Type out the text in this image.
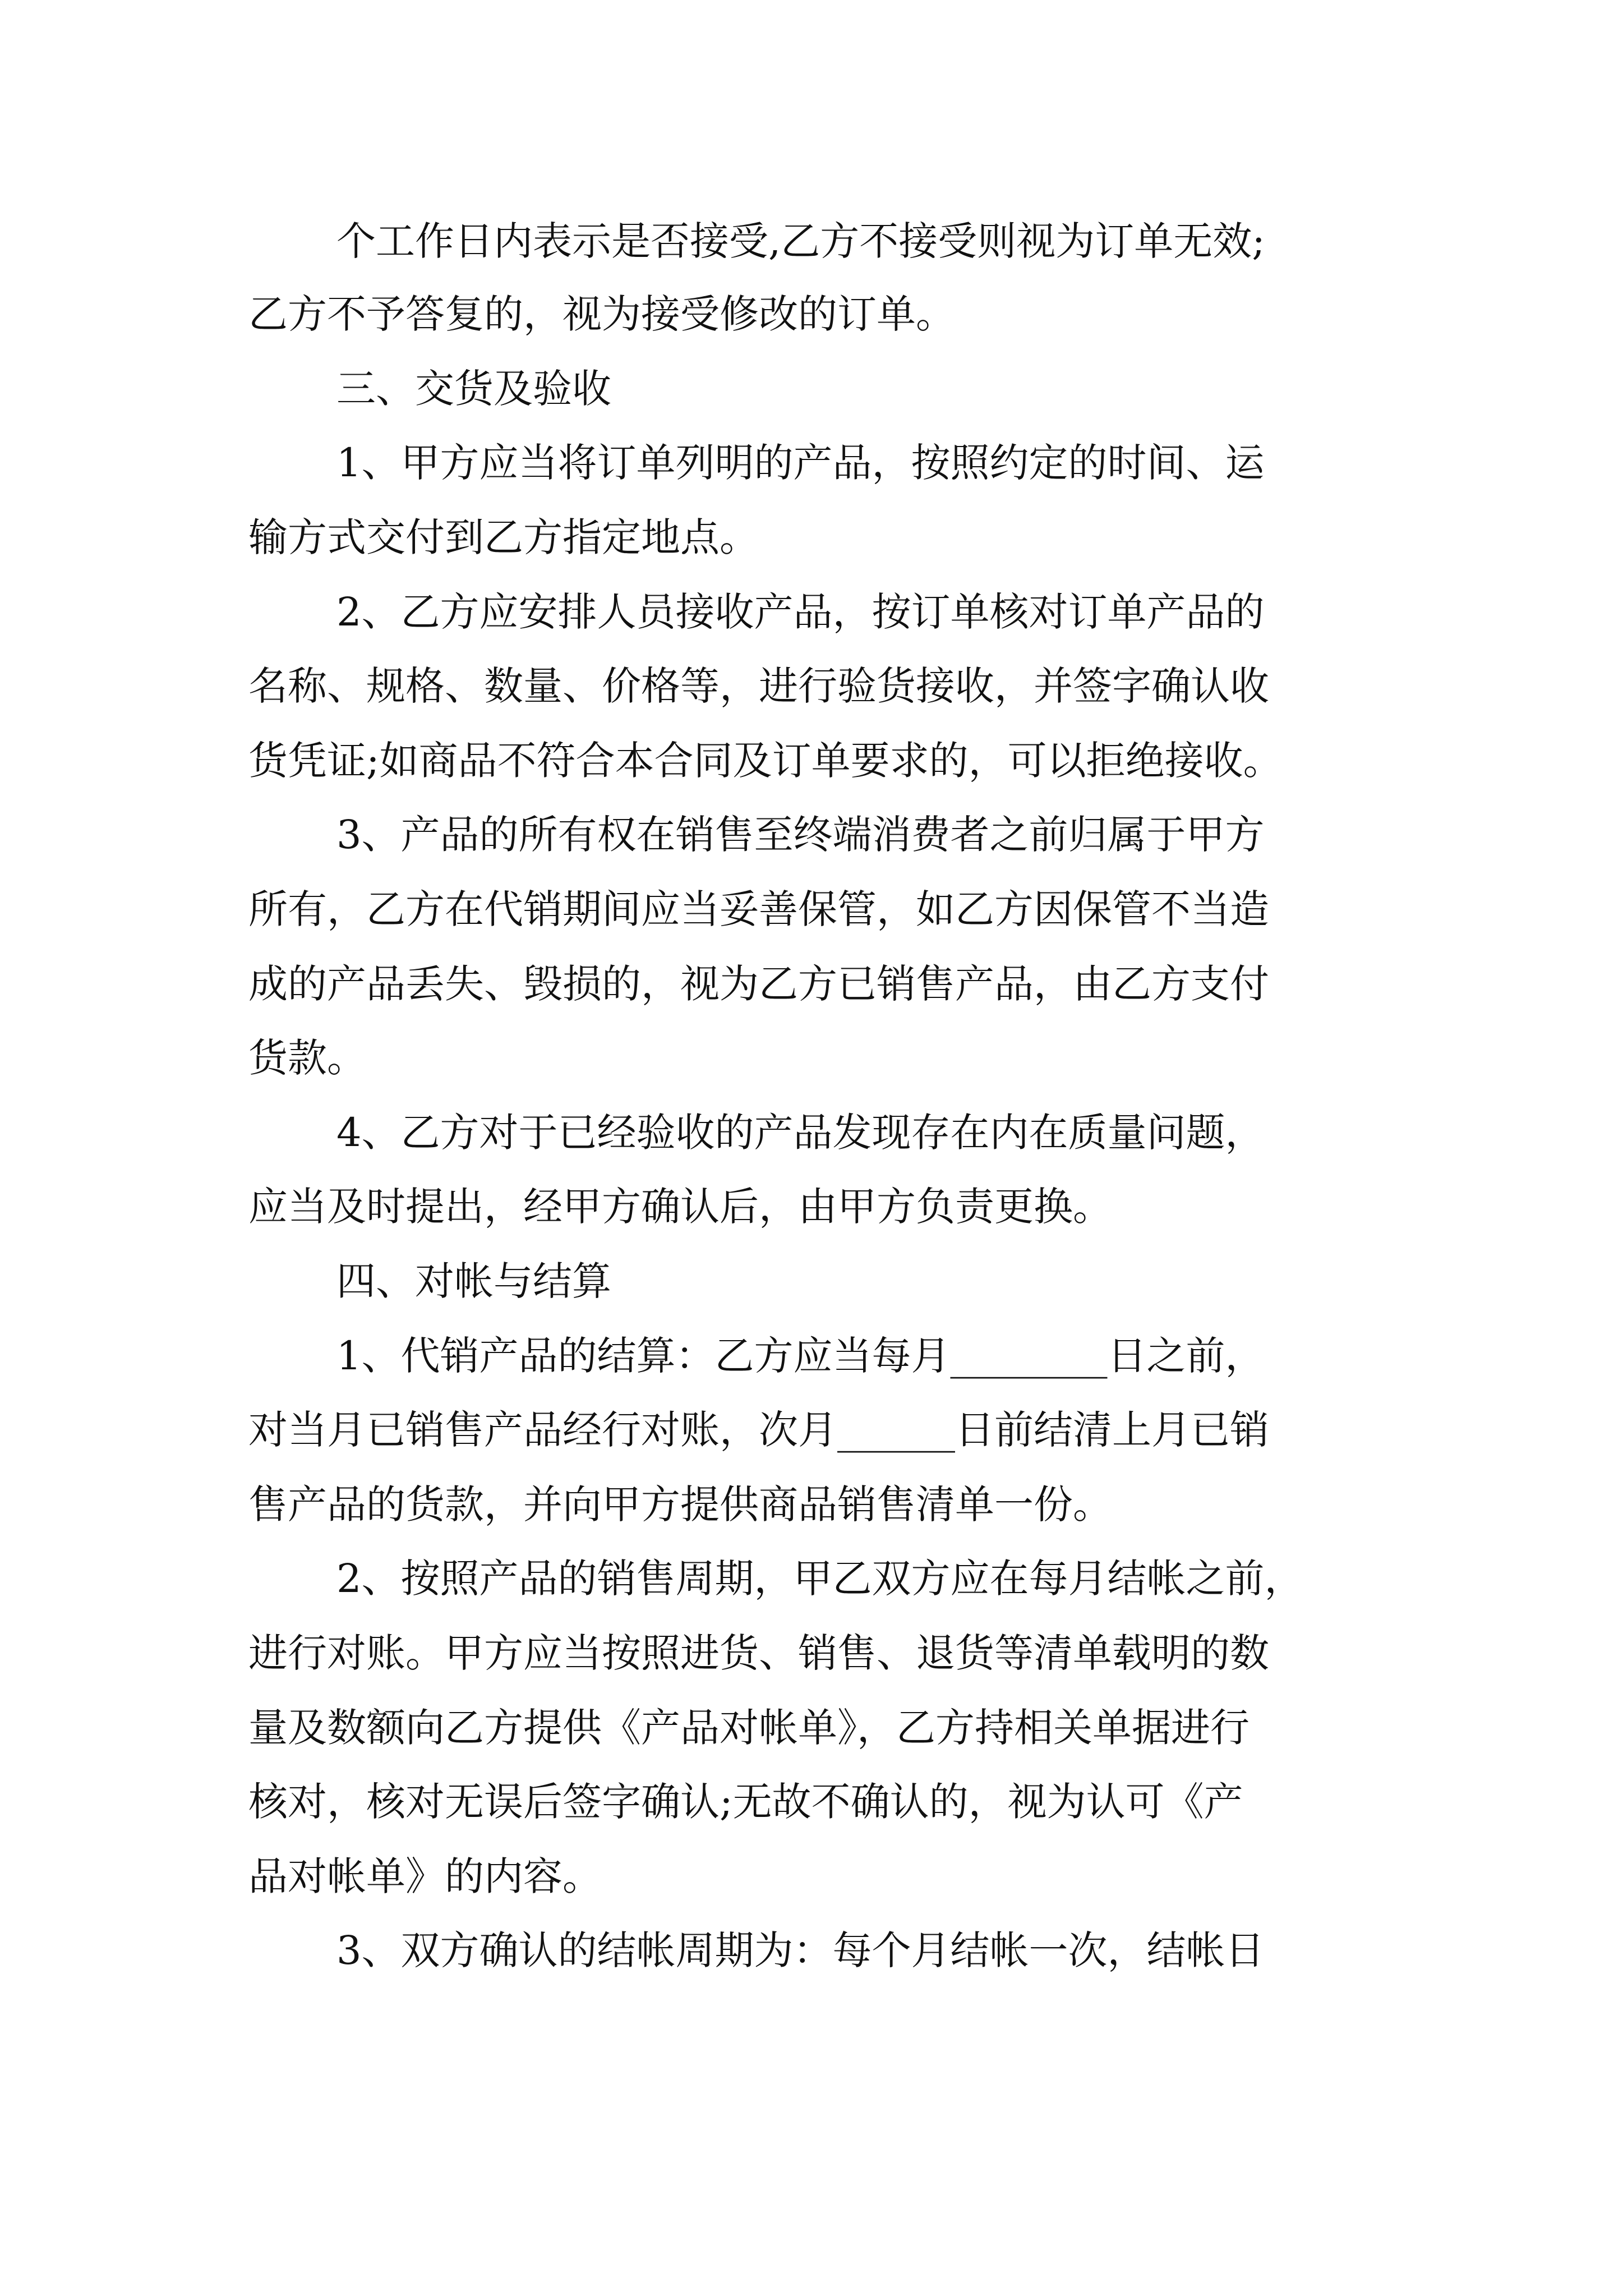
个工作日内表示是否接受,乙方不接受则视为订单无效;
乙方不予答复的，视为接受修改的订单。
三、交货及验收
1、甲方应当将订单列明的产品，按照约定的时间、运
输方式交付到乙方指定地点。
2、乙方应安排人员接收产品，按订单核对订单产品的
名称、规格、数量、价格等，进行验货接收，并签字确认收
货凭证;如商品不符合本合同及订单要求的，可以拒绝接收。
3、产品的所有权在销售至终端消费者之前归属于甲方
所有，乙方在代销期间应当妥善保管，如乙方因保管不当造
成的产品丢失、毁损的，视为乙方已销售产品，由乙方支付
货款。
4、乙方对于已经验收的产品发现存在内在质量问题，
应当及时提出，经甲方确认后，由甲方负责更换。
四、对帐与结算
1、代销产品的结算：乙方应当每月________日之前，
对当月已销售产品经行对账，次月______日前结清上月已销
售产品的货款，并向甲方提供商品销售清单一份。
2、按照产品的销售周期，甲乙双方应在每月结帐之前，
进行对账。甲方应当按照进货、销售、退货等清单载明的数
量及数额向乙方提供《产品对帐单》，乙方持相关单据进行
核对，核对无误后签字确认;无故不确认的，视为认可《产
品对帐单》的内容。
3、双方确认的结帐周期为：每个月结帐一次，结帐日
